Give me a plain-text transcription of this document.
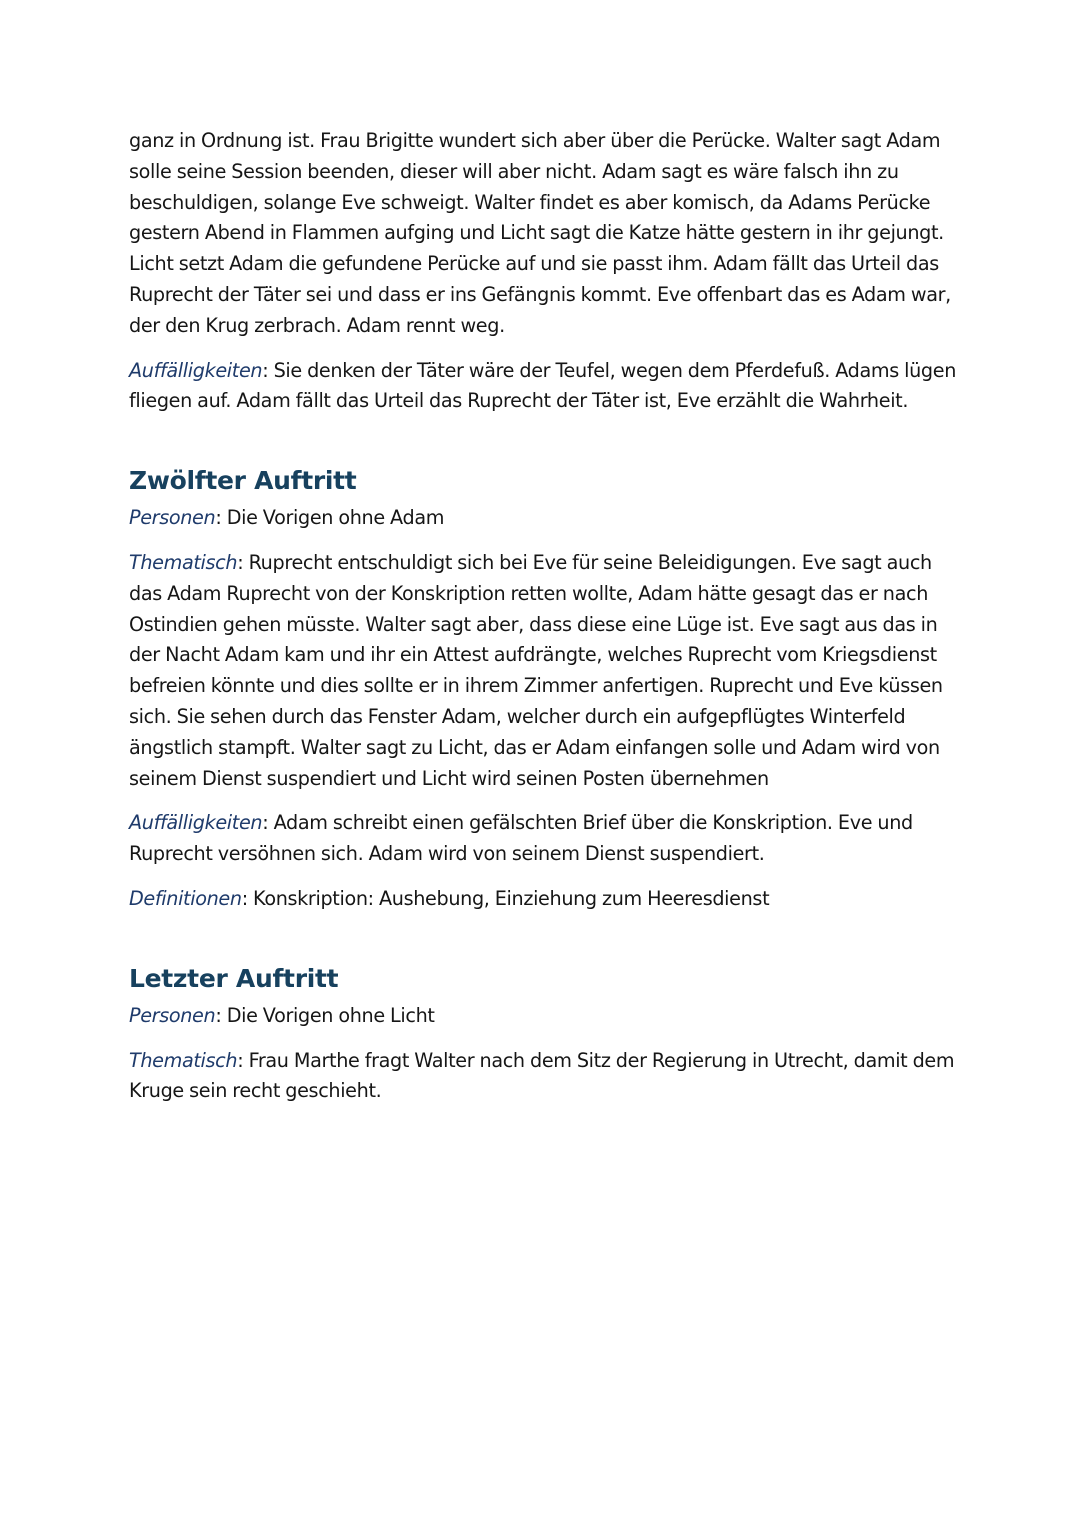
ganz in Ordnung ist. Frau Brigitte wundert sich aber über die Perücke. Walter sagt Adam solle seine Session beenden, dieser will aber nicht. Adam sagt es wäre falsch ihn zu beschuldigen, solange Eve schweigt. Walter findet es aber komisch, da Adams Perücke gestern Abend in Flammen aufging und Licht sagt die Katze hätte gestern in ihr gejungt. Licht setzt Adam die gefundene Perücke auf und sie passt ihm. Adam fällt das Urteil das Ruprecht der Täter sei und dass er ins Gefängnis kommt. Eve offenbart das es Adam war, der den Krug zerbrach. Adam rennt weg.

Auffälligkeiten: Sie denken der Täter wäre der Teufel, wegen dem Pferdefuß. Adams lügen fliegen auf. Adam fällt das Urteil das Ruprecht der Täter ist, Eve erzählt die Wahrheit.

Zwölfter Auftritt

Personen: Die Vorigen ohne Adam

Thematisch: Ruprecht entschuldigt sich bei Eve für seine Beleidigungen. Eve sagt auch das Adam Ruprecht von der Konskription retten wollte, Adam hätte gesagt das er nach Ostindien gehen müsste. Walter sagt aber, dass diese eine Lüge ist. Eve sagt aus das in der Nacht Adam kam und ihr ein Attest aufdrängte, welches Ruprecht vom Kriegsdienst befreien könnte und dies sollte er in ihrem Zimmer anfertigen. Ruprecht und Eve küssen sich. Sie sehen durch das Fenster Adam, welcher durch ein aufgepflügtes Winterfeld ängstlich stampft. Walter sagt zu Licht, das er Adam einfangen solle und Adam wird von seinem Dienst suspendiert und Licht wird seinen Posten übernehmen

Auffälligkeiten: Adam schreibt einen gefälschten Brief über die Konskription. Eve und Ruprecht versöhnen sich. Adam wird von seinem Dienst suspendiert.

Definitionen: Konskription: Aushebung, Einziehung zum Heeresdienst

Letzter Auftritt

Personen: Die Vorigen ohne Licht

Thematisch: Frau Marthe fragt Walter nach dem Sitz der Regierung in Utrecht, damit dem Kruge sein recht geschieht.
